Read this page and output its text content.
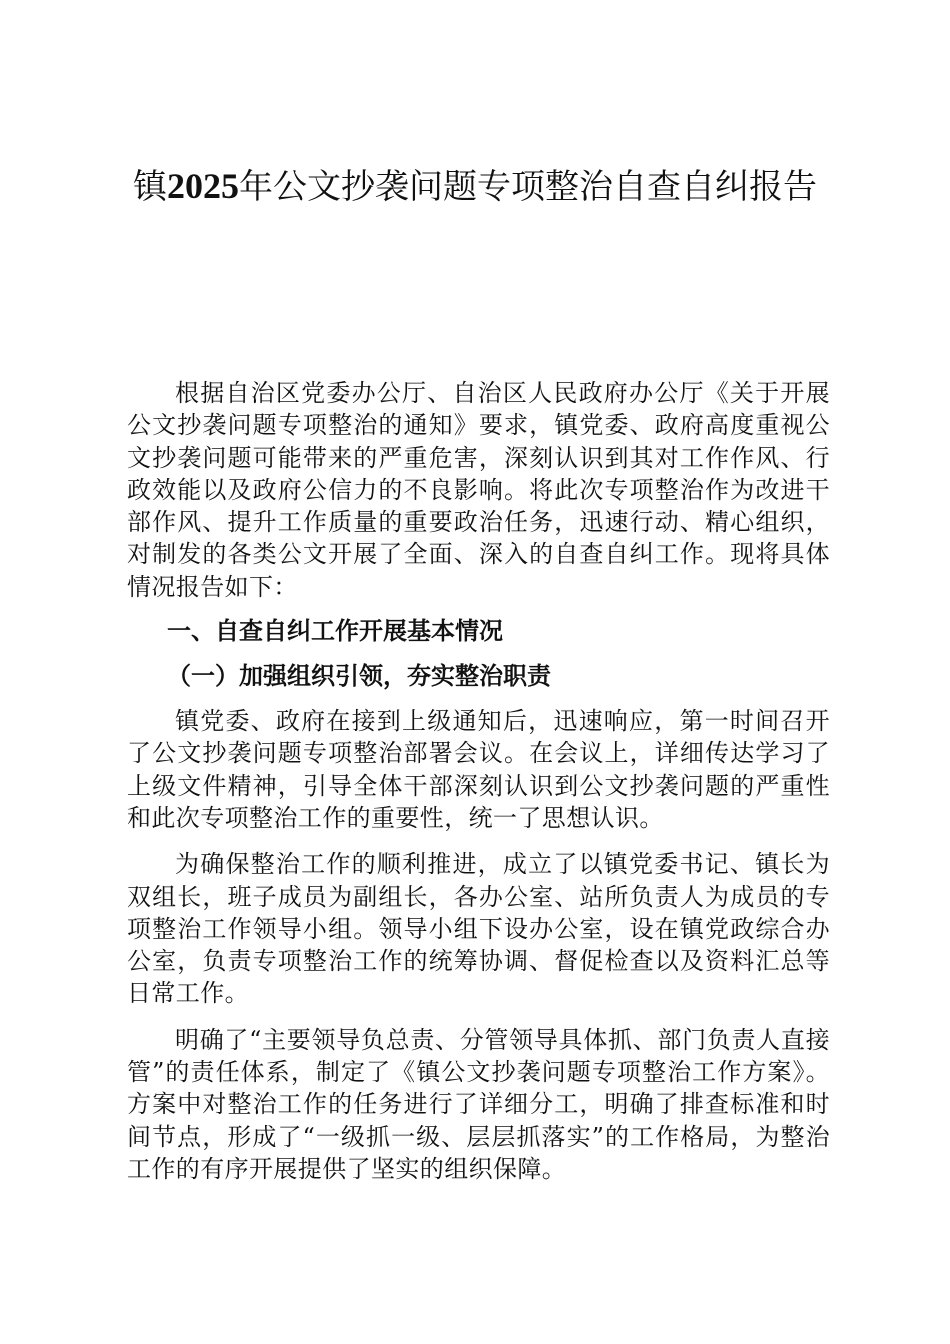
镇2025年公文抄袭问题专项整治自查自纠报告

根据自治区党委办公厅、自治区人民政府办公厅《关于开展公文抄袭问题专项整治的通知》要求，镇党委、政府高度重视公文抄袭问题可能带来的严重危害，深刻认识到其对工作作风、行政效能以及政府公信力的不良影响。将此次专项整治作为改进干部作风、提升工作质量的重要政治任务，迅速行动、精心组织，对制发的各类公文开展了全面、深入的自查自纠工作。现将具体情况报告如下：

一、自查自纠工作开展基本情况

（一）加强组织引领，夯实整治职责

镇党委、政府在接到上级通知后，迅速响应，第一时间召开了公文抄袭问题专项整治部署会议。在会议上，详细传达学习了上级文件精神，引导全体干部深刻认识到公文抄袭问题的严重性和此次专项整治工作的重要性，统一了思想认识。

为确保整治工作的顺利推进，成立了以镇党委书记、镇长为双组长，班子成员为副组长，各办公室、站所负责人为成员的专项整治工作领导小组。领导小组下设办公室，设在镇党政综合办公室，负责专项整治工作的统筹协调、督促检查以及资料汇总等日常工作。

明确了“主要领导负总责、分管领导具体抓、部门负责人直接管”的责任体系，制定了《镇公文抄袭问题专项整治工作方案》。方案中对整治工作的任务进行了详细分工，明确了排查标准和时间节点，形成了“一级抓一级、层层抓落实”的工作格局，为整治工作的有序开展提供了坚实的组织保障。
